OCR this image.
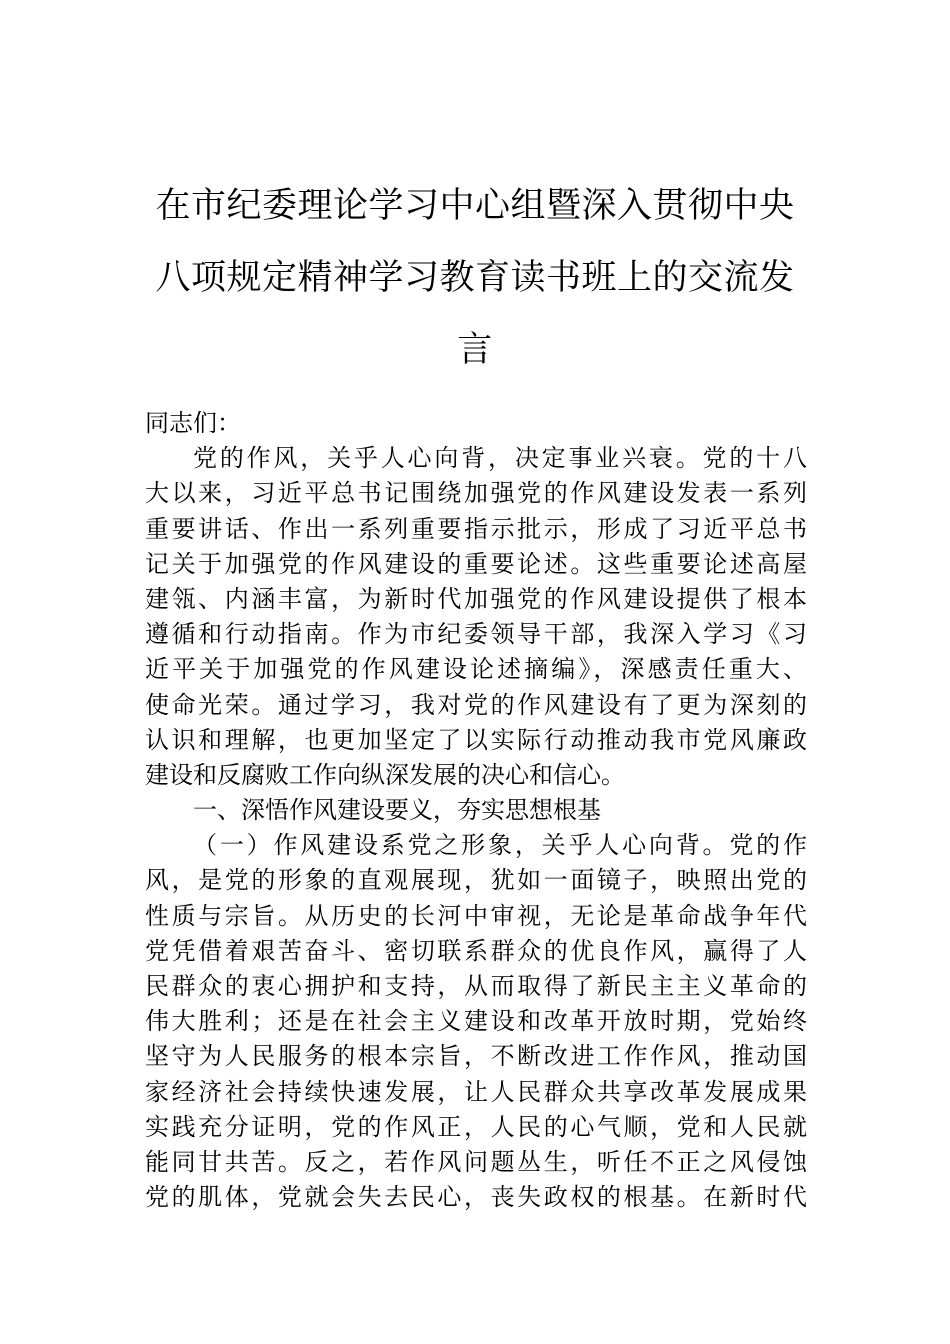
在市纪委理论学习中心组暨深入贯彻中央
八项规定精神学习教育读书班上的交流发
言
同志们：
党的作风，关乎人心向背，决定事业兴衰。党的十八
大以来，习近平总书记围绕加强党的作风建设发表一系列
重要讲话、作出一系列重要指示批示，形成了习近平总书
记关于加强党的作风建设的重要论述。这些重要论述高屋
建瓴、内涵丰富，为新时代加强党的作风建设提供了根本
遵循和行动指南。作为市纪委领导干部，我深入学习《习
近平关于加强党的作风建设论述摘编》，深感责任重大、
使命光荣。通过学习，我对党的作风建设有了更为深刻的
认识和理解，也更加坚定了以实际行动推动我市党风廉政
建设和反腐败工作向纵深发展的决心和信心。
一、深悟作风建设要义，夯实思想根基
（一）作风建设系党之形象，关乎人心向背。党的作
风，是党的形象的直观展现，犹如一面镜子，映照出党的
性质与宗旨。从历史的长河中审视，无论是革命战争年代
党凭借着艰苦奋斗、密切联系群众的优良作风，赢得了人
民群众的衷心拥护和支持，从而取得了新民主主义革命的
伟大胜利；还是在社会主义建设和改革开放时期，党始终
坚守为人民服务的根本宗旨，不断改进工作作风，推动国
家经济社会持续快速发展，让人民群众共享改革发展成果
实践充分证明，党的作风正，人民的心气顺，党和人民就
能同甘共苦。反之，若作风问题丛生，听任不正之风侵蚀
党的肌体，党就会失去民心，丧失政权的根基。在新时代
